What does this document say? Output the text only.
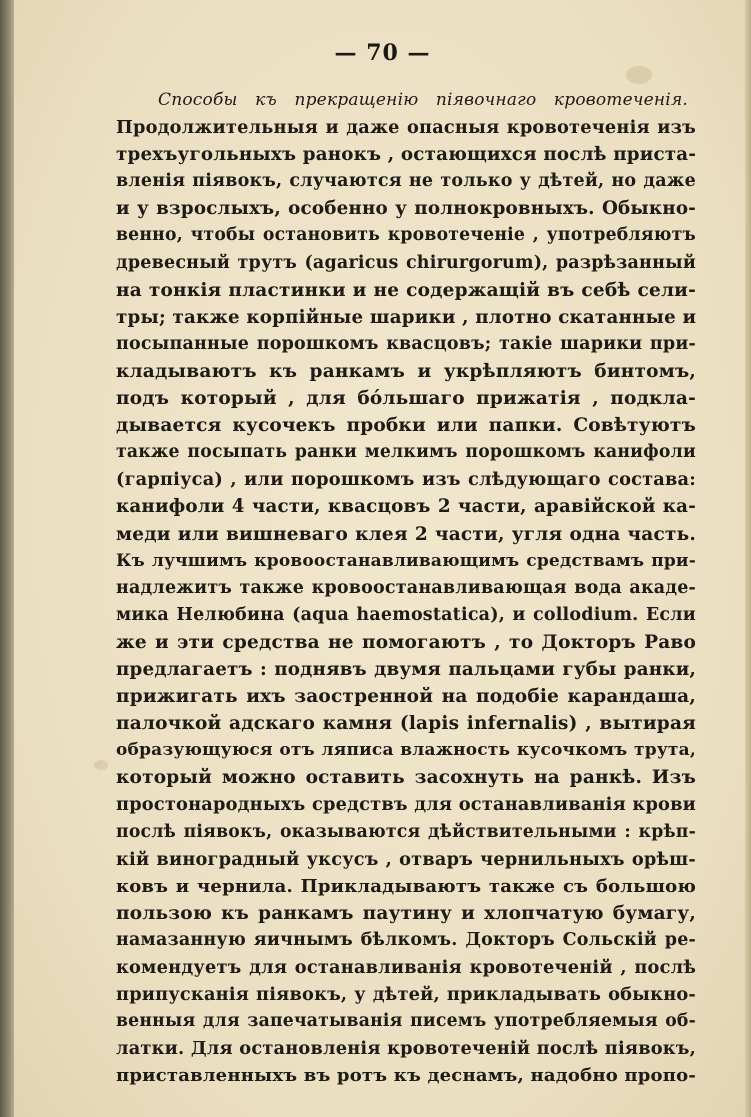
— 70 —
Способы къ прекращенію піявочнаго кровотеченія.
Продолжительныя и даже опасныя кровотеченія изъ
трехъугольныхъ ранокъ , остающихся послѣ приста-
вленія піявокъ, случаются не только у дѣтей, но даже
и у взрослыхъ, особенно у полнокровныхъ. Обыкно-
венно, чтобы остановить кровотеченіе , употребляютъ
древесный трутъ (agaricus chirurgorum), разрѣзанный
на тонкія пластинки и не содержащій въ себѣ сели-
тры; также корпійные шарики , плотно скатанные и
посыпанные порошкомъ квасцовъ; такіе шарики при-
кладываютъ къ ранкамъ и укрѣпляютъ бинтомъ,
подъ который , для бóльшаго прижатія , подкла-
дывается кусочекъ пробки или папки. Совѣтуютъ
также посыпать ранки мелкимъ порошкомъ канифоли
(гарпіуса) , или порошкомъ изъ слѣдующаго состава:
канифоли 4 части, квасцовъ 2 части, аравійской ка-
меди или вишневаго клея 2 части, угля одна часть.
Къ лучшимъ кровоостанавливающимъ средствамъ при-
надлежитъ также кровоостанавливающая вода акаде-
мика Нелюбина (aqua haemostatica), и collodium. Если
же и эти средства не помогаютъ , то Докторъ Раво
предлагаетъ : поднявъ двумя пальцами губы ранки,
прижигать ихъ заостренной на подобіе карандаша,
палочкой адскаго камня (lapis infernalis) , вытирая
образующуюся отъ ляписа влажность кусочкомъ трута,
который можно оставить засохнуть на ранкѣ. Изъ
простонародныхъ средствъ для останавливанія крови
послѣ піявокъ, оказываются дѣйствительными : крѣп-
кій виноградный уксусъ , отваръ чернильныхъ орѣш-
ковъ и чернила. Прикладываютъ также съ большою
пользою къ ранкамъ паутину и хлопчатую бумагу,
намазанную яичнымъ бѣлкомъ. Докторъ Сольскій ре-
комендуетъ для останавливанія кровотеченій , послѣ
припусканія піявокъ, у дѣтей, прикладывать обыкно-
венныя для запечатыванія писемъ употребляемыя об-
латки. Для остановленія кровотеченій послѣ піявокъ,
приставленныхъ въ ротъ къ деснамъ, надобно пропо-
